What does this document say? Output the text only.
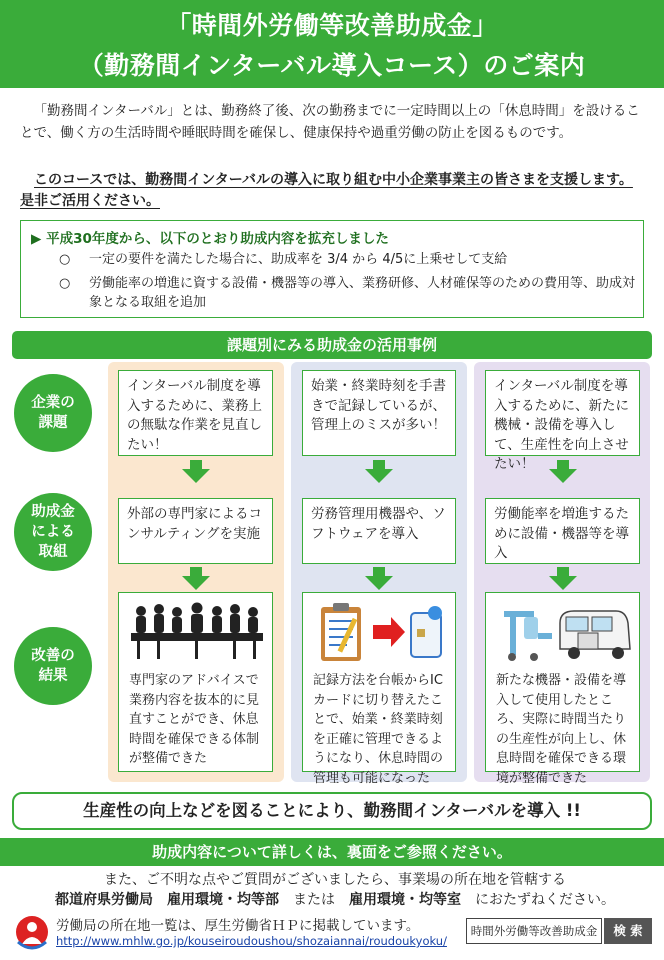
「時間外労働等改善助成金」
（勤務間インターバル導入コース）のご案内

「勤務間インターバル」とは、勤務終了後、次の勤務までに一定時間以上の「休息時間」を設けることで、働く方の生活時間や睡眠時間を確保し、健康保持や過重労働の防止を図るものです。

このコースでは、勤務間インターバルの導入に取り組む中小企業事業主の皆さまを支援します。是非ご活用ください。

▶ 平成30年度から、以下のとおり助成内容を拡充しました
○	一定の要件を満たした場合に、助成率を 3/4 から 4/5に上乗せして支給
○	労働能率の増進に資する設備・機器等の導入、業務研修、人材確保等のための費用等、助成対象となる取組を追加
課題別にみる助成金の活用事例
企業の
課題
助成金
による
取組
改善の
結果
インターバル制度を導入するために、業務上の無駄な作業を見直したい！
外部の専門家によるコンサルティングを実施
専門家のアドバイスで業務内容を抜本的に見直すことができ、休息時間を確保できる体制が整備できた
始業・終業時刻を手書きで記録しているが、管理上のミスが多い！
労務管理用機器や、ソフトウェアを導入
記録方法を台帳からICカードに切り替えたことで、始業・終業時刻を正確に管理できるようになり、休息時間の管理も可能になった
インターバル制度を導入するために、新たに機械・設備を導入して、生産性を向上させたい！
労働能率を増進するために設備・機器等を導入
新たな機器・設備を導入して使用したところ、実際に時間当たりの生産性が向上し、休息時間を確保できる環境が整備できた
生産性の向上などを図ることにより、勤務間インターバルを導入 !!
助成内容について詳しくは、裏面をご参照ください。
また、ご不明な点やご質問がございましたら、事業場の所在地を管轄する
都道府県労働局　雇用環境・均等部　または　雇用環境・均等室　におたずねください。
労働局の所在地一覧は、厚生労働省ＨＰに掲載しています。
http://www.mhlw.go.jp/kouseiroudoushou/shozaiannai/roudoukyoku/
時間外労働等改善助成金	検 索
